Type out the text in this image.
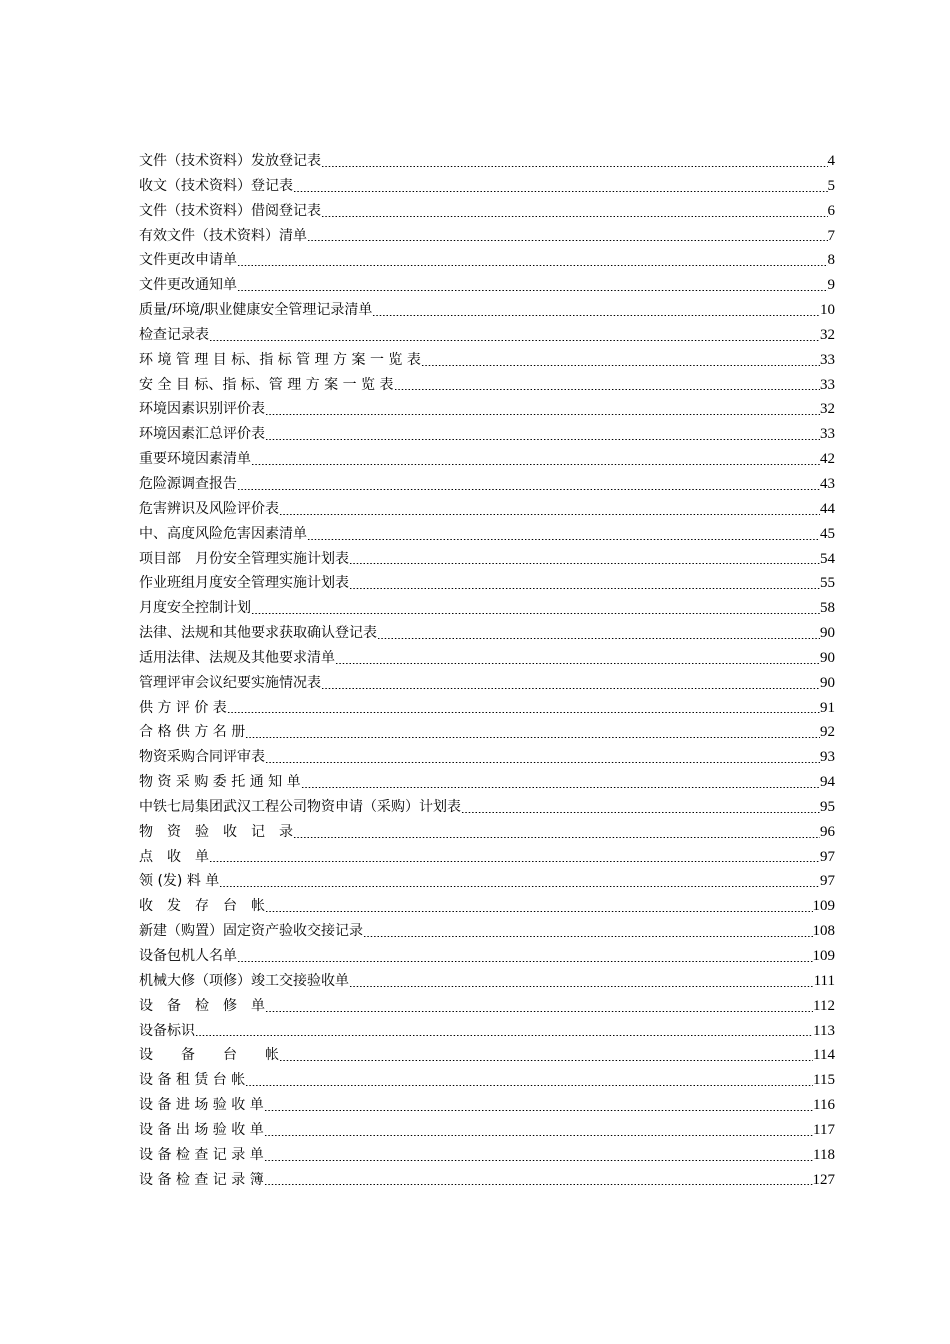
文件（技术资料）发放登记表	4
收文（技术资料）登记表	5
文件（技术资料）借阅登记表	6
有效文件（技术资料）清单	7
文件更改申请单	8
文件更改通知单	9
质量/环境/职业健康安全管理记录清单	10
检查记录表	32
环 境 管 理 目 标、指 标 管 理 方 案 一 览 表	33
安 全 目 标、指 标、管 理 方 案 一 览 表	33
环境因素识别评价表	32
环境因素汇总评价表	33
重要环境因素清单	42
危险源调查报告	43
危害辨识及风险评价表	44
中、高度风险危害因素清单	45
项目部　月份安全管理实施计划表	54
作业班组月度安全管理实施计划表	55
月度安全控制计划	58
法律、法规和其他要求获取确认登记表	90
适用法律、法规及其他要求清单	90
管理评审会议纪要实施情况表	90
供 方 评 价 表	91
合 格 供 方 名 册	92
物资采购合同评审表	93
物 资 采 购 委 托 通 知 单	94
中铁七局集团武汉工程公司物资申请（采购）计划表	95
物　资　验　收　记　录	96
点　收　单	97
领 (发) 料 单	97
收　发　存　台　帐	109
新建（购置）固定资产验收交接记录	108
设备包机人名单	109
机械大修（项修）竣工交接验收单	111
设　备　检　修　单	112
设备标识	113
设　　备　　台　　帐	114
设 备 租 赁 台 帐	115
设 备 进 场 验 收 单	116
设 备 出 场 验 收 单	117
设 备 检 查 记 录 单	118
设 备 检 查 记 录 簿	127
